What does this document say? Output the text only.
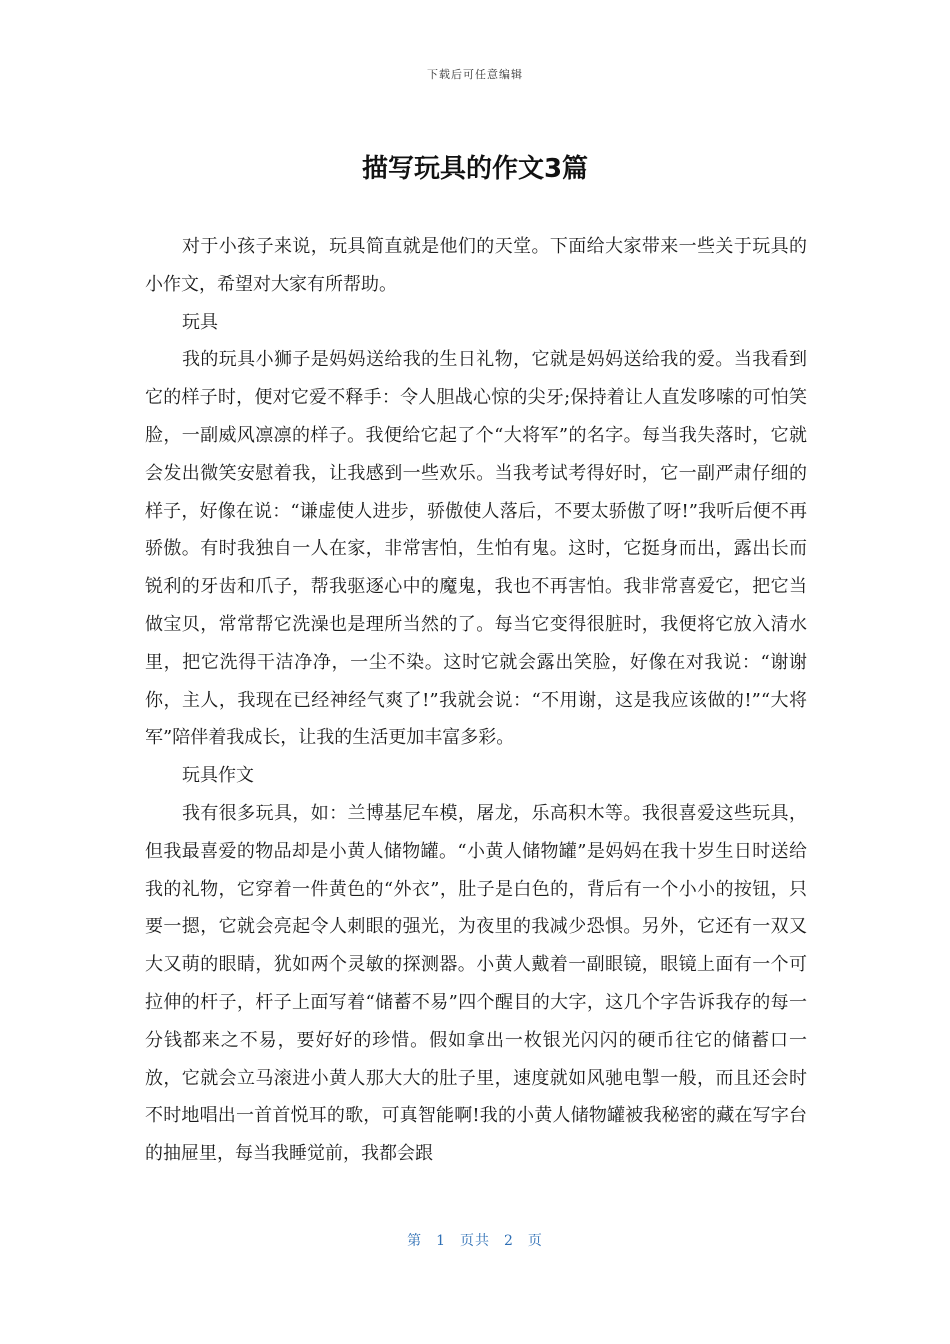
下载后可任意编辑
描写玩具的作文3篇

对于小孩子来说，玩具简直就是他们的天堂。下面给大家带来一些关于玩具的小作文，希望对大家有所帮助。

玩具

我的玩具小狮子是妈妈送给我的生日礼物，它就是妈妈送给我的爱。当我看到它的样子时，便对它爱不释手：令人胆战心惊的尖牙;保持着让人直发哆嗦的可怕笑脸，一副威风凛凛的样子。我便给它起了个“大将军”的名字。每当我失落时，它就会发出微笑安慰着我，让我感到一些欢乐。当我考试考得好时，它一副严肃仔细的样子，好像在说：“谦虚使人进步，骄傲使人落后，不要太骄傲了呀!”我听后便不再骄傲。有时我独自一人在家，非常害怕，生怕有鬼。这时，它挺身而出，露出长而锐利的牙齿和爪子，帮我驱逐心中的魔鬼，我也不再害怕。我非常喜爱它，把它当做宝贝，常常帮它洗澡也是理所当然的了。每当它变得很脏时，我便将它放入清水里，把它洗得干洁净净，一尘不染。这时它就会露出笑脸，好像在对我说：“谢谢你，主人，我现在已经神经气爽了!”我就会说：“不用谢，这是我应该做的!”“大将军”陪伴着我成长，让我的生活更加丰富多彩。

玩具作文

我有很多玩具，如：兰博基尼车模，屠龙，乐高积木等。我很喜爱这些玩具，但我最喜爱的物品却是小黄人储物罐。“小黄人储物罐”是妈妈在我十岁生日时送给我的礼物，它穿着一件黄色的“外衣”，肚子是白色的，背后有一个小小的按钮，只要一摁，它就会亮起令人刺眼的强光，为夜里的我减少恐惧。另外，它还有一双又大又萌的眼睛，犹如两个灵敏的探测器。小黄人戴着一副眼镜，眼镜上面有一个可拉伸的杆子，杆子上面写着“储蓄不易”四个醒目的大字，这几个字告诉我存的每一分钱都来之不易，要好好的珍惜。假如拿出一枚银光闪闪的硬币往它的储蓄口一放，它就会立马滚进小黄人那大大的肚子里，速度就如风驰电掣一般，而且还会时不时地唱出一首首悦耳的歌，可真智能啊!我的小黄人储物罐被我秘密的藏在写字台的抽屉里，每当我睡觉前，我都会跟

第 1 页共 2 页
